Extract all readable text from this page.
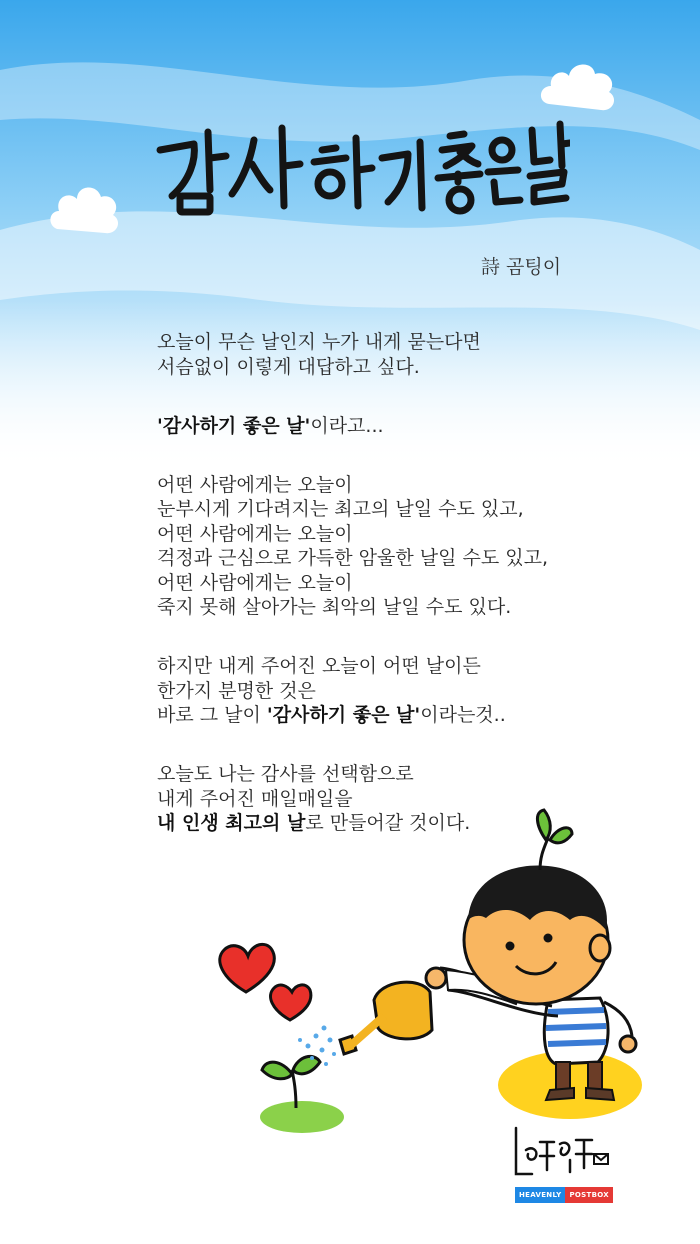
詩 곰팅이
오늘이 무슨 날인지 누가 내게 묻는다면
서슴없이 이렇게 대답하고 싶다.
'감사하기 좋은 날'이라고...
어떤 사람에게는 오늘이
눈부시게 기다려지는 최고의 날일 수도 있고,
어떤 사람에게는 오늘이
걱정과 근심으로 가득한 암울한 날일 수도 있고,
어떤 사람에게는 오늘이
죽지 못해 살아가는 최악의 날일 수도 있다.
하지만 내게 주어진 오늘이 어떤 날이든
한가지 분명한 것은
바로 그 날이 '감사하기 좋은 날'이라는것..
오늘도 나는 감사를 선택함으로
내게 주어진 매일매일을
내 인생 최고의 날로 만들어갈 것이다.
HEAVENLY	POSTBOX
